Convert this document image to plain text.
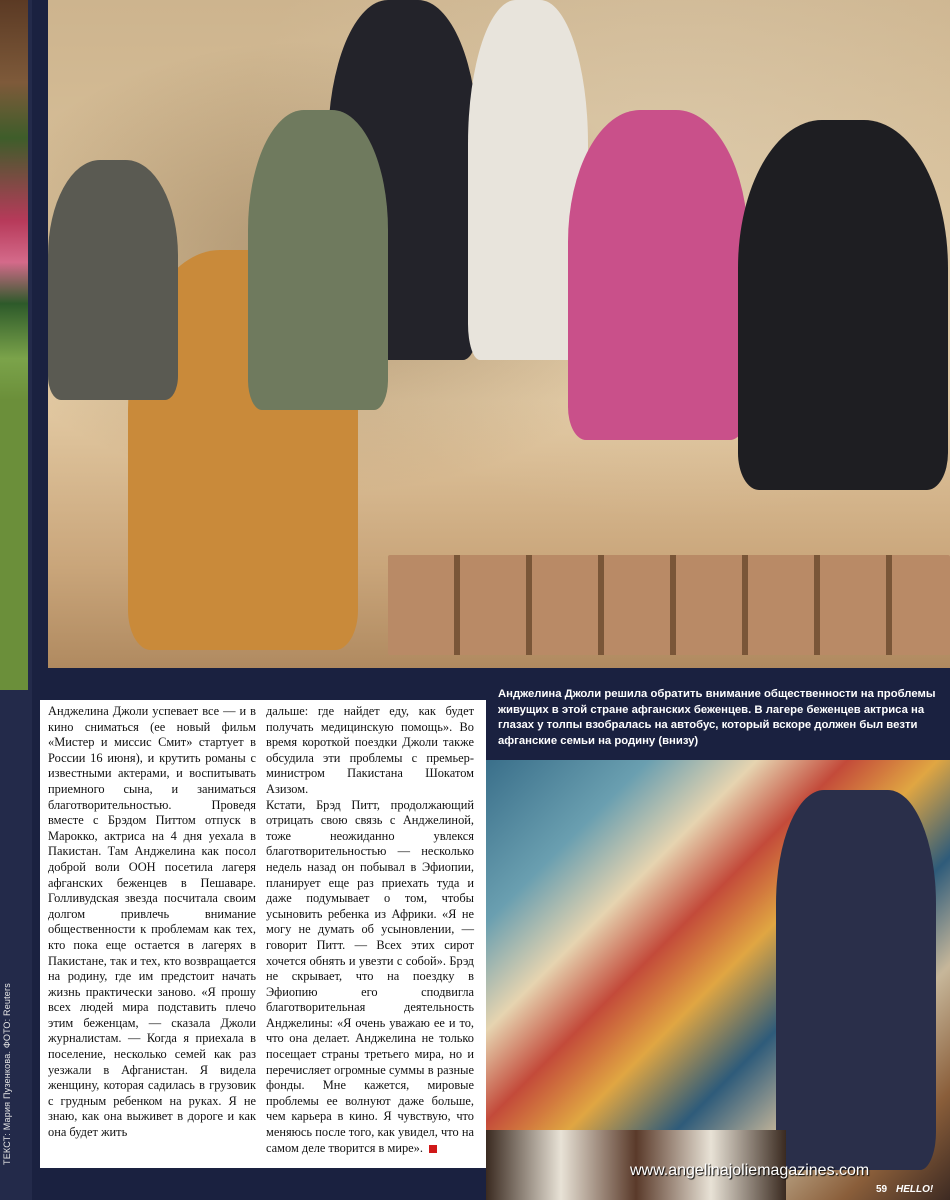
ТЕКСТ: Мария Пузенкова. ФОТО: Reuters
Анджелина Джоли решила обратить внимание общественности на проблемы живущих в этой стране афганских беженцев. В лагере беженцев актриса на глазах у толпы взобралась на автобус, который вскоре должен был везти афганские семьи на родину (внизу)

Анджелина Джоли успевает все — и в кино сниматься (ее новый фильм «Мистер и миссис Смит» стартует в России 16 июня), и крутить романы с известными актерами, и воспитывать приемного сына, и заниматься благотворительностью. Проведя вместе с Брэдом Питтом отпуск в Марокко, актриса на 4 дня уехала в Пакистан. Там Анджелина как посол доброй воли ООН посетила лагеря афганских беженцев в Пешаваре. Голливудская звезда посчитала своим долгом привлечь внимание общественности к проблемам как тех, кто пока еще остается в лагерях в Пакистане, так и тех, кто возвращается на родину, где им предстоит начать жизнь практически заново. «Я прошу всех людей мира подставить плечо этим беженцам, — сказала Джоли журналистам. — Когда я приехала в поселение, несколько семей как раз уезжали в Афганистан. Я видела женщину, которая садилась в грузовик с грудным ребенком на руках. Я не знаю, как она выживет в дороге и как она будет жить

дальше: где найдет еду, как будет получать медицинскую помощь». Во время короткой поездки Джоли также обсудила эти проблемы с премьер-министром Пакистана Шокатом Азизом.

Кстати, Брэд Питт, продолжающий отрицать свою связь с Анджелиной, тоже неожиданно увлекся благотворительностью — несколько недель назад он побывал в Эфиопии, планирует еще раз приехать туда и даже подумывает о том, чтобы усыновить ребенка из Африки. «Я не могу не думать об усыновлении, — говорит Питт. — Всех этих сирот хочется обнять и увезти с собой». Брэд не скрывает, что на поездку в Эфиопию его сподвигла благотворительная деятельность Анджелины: «Я очень уважаю ее и то, что она делает. Анджелина не только посещает страны третьего мира, но и перечисляет огромные суммы в разные фонды. Мне кажется, мировые проблемы ее волнуют даже больше, чем карьера в кино. Я чувствую, что меняюсь после того, как увидел, что на самом деле творится в мире».

www.angelinajoliemagazines.com
59 HELLO!
